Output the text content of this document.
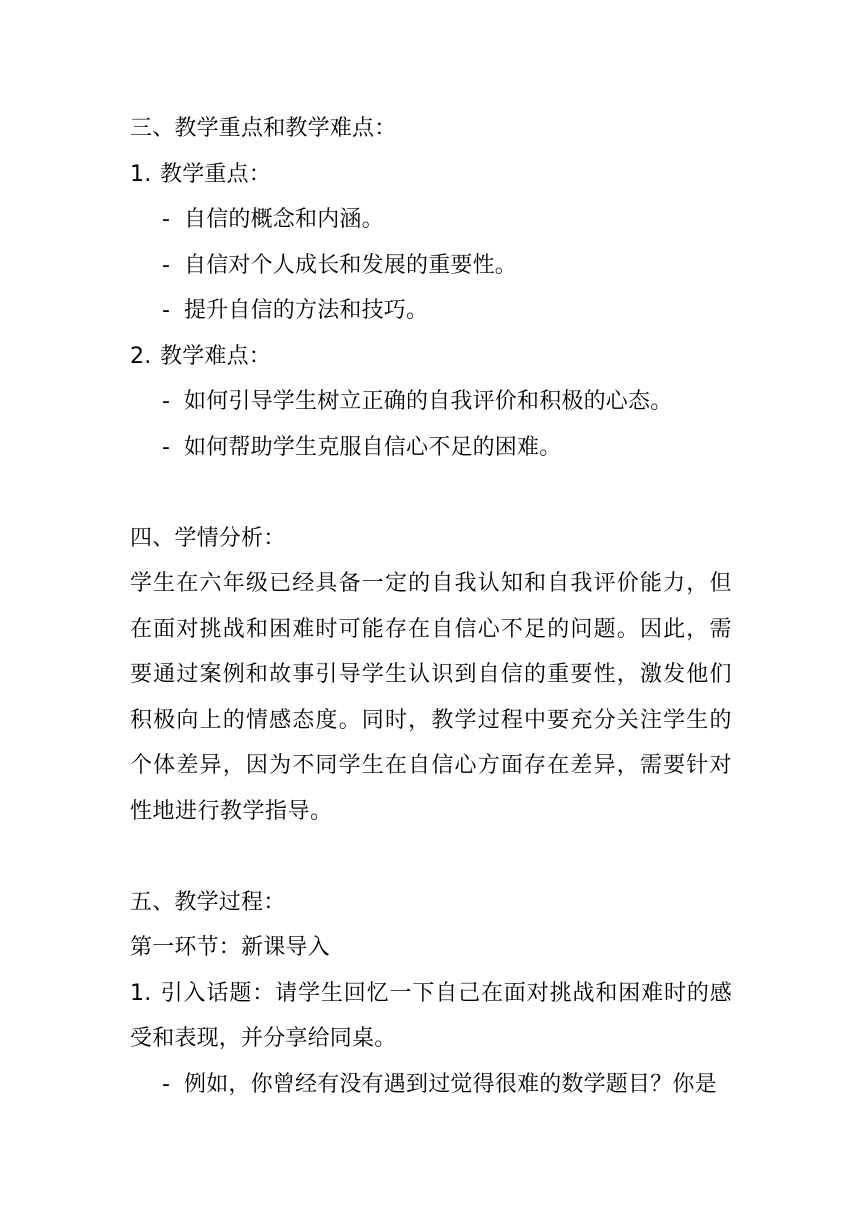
三、教学重点和教学难点：
1. 教学重点：
- 自信的概念和内涵。
- 自信对个人成长和发展的重要性。
- 提升自信的方法和技巧。
2. 教学难点：
- 如何引导学生树立正确的自我评价和积极的心态。
- 如何帮助学生克服自信心不足的困难。
四、学情分析：
学生在六年级已经具备一定的自我认知和自我评价能力，但在面对挑战和困难时可能存在自信心不足的问题。因此，需要通过案例和故事引导学生认识到自信的重要性，激发他们积极向上的情感态度。同时，教学过程中要充分关注学生的个体差异，因为不同学生在自信心方面存在差异，需要针对性地进行教学指导。
五、教学过程：
第一环节：新课导入
1. 引入话题：请学生回忆一下自己在面对挑战和困难时的感受和表现，并分享给同桌。
- 例如，你曾经有没有遇到过觉得很难的数学题目？你是
